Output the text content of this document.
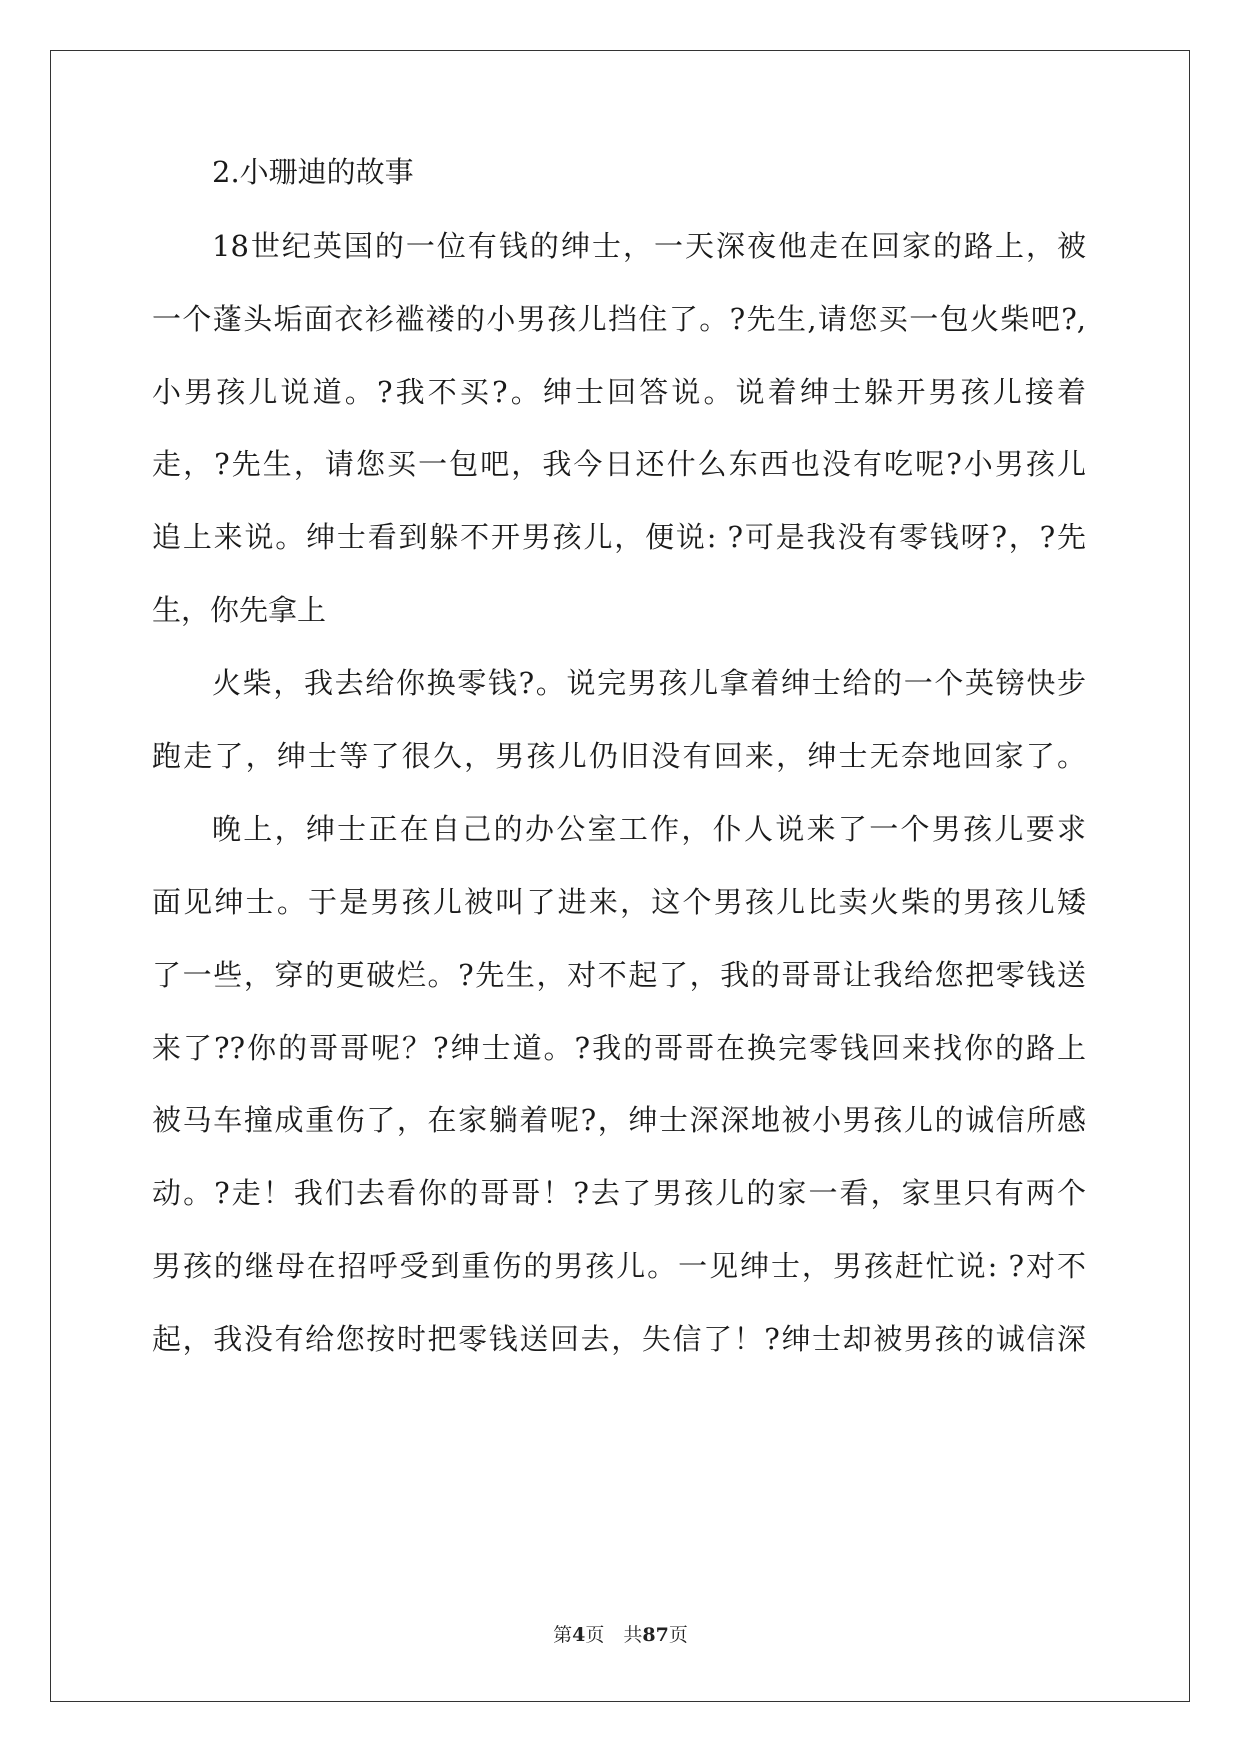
2.小珊迪的故事
18世纪英国的一位有钱的绅士，一天深夜他走在回家的路上，被
一个蓬头垢面衣衫褴褛的小男孩儿挡住了。?先生,请您买一包火柴吧?,
小男孩儿说道。?我不买?。绅士回答说。说着绅士躲开男孩儿接着
走，?先生，请您买一包吧，我今日还什么东西也没有吃呢?小男孩儿
追上来说。绅士看到躲不开男孩儿，便说: ?可是我没有零钱呀?，?先
生，你先拿上
火柴，我去给你换零钱?。说完男孩儿拿着绅士给的一个英镑快步
跑走了，绅士等了很久，男孩儿仍旧没有回来，绅士无奈地回家了。
晚上，绅士正在自己的办公室工作，仆人说来了一个男孩儿要求
面见绅士。于是男孩儿被叫了进来，这个男孩儿比卖火柴的男孩儿矮
了一些，穿的更破烂。?先生，对不起了，我的哥哥让我给您把零钱送
来了??你的哥哥呢？?绅士道。?我的哥哥在换完零钱回来找你的路上
被马车撞成重伤了，在家躺着呢?，绅士深深地被小男孩儿的诚信所感
动。?走！我们去看你的哥哥！?去了男孩儿的家一看，家里只有两个
男孩的继母在招呼受到重伤的男孩儿。一见绅士，男孩赶忙说: ?对不
起，我没有给您按时把零钱送回去，失信了！?绅士却被男孩的诚信深
第4页　共87页
